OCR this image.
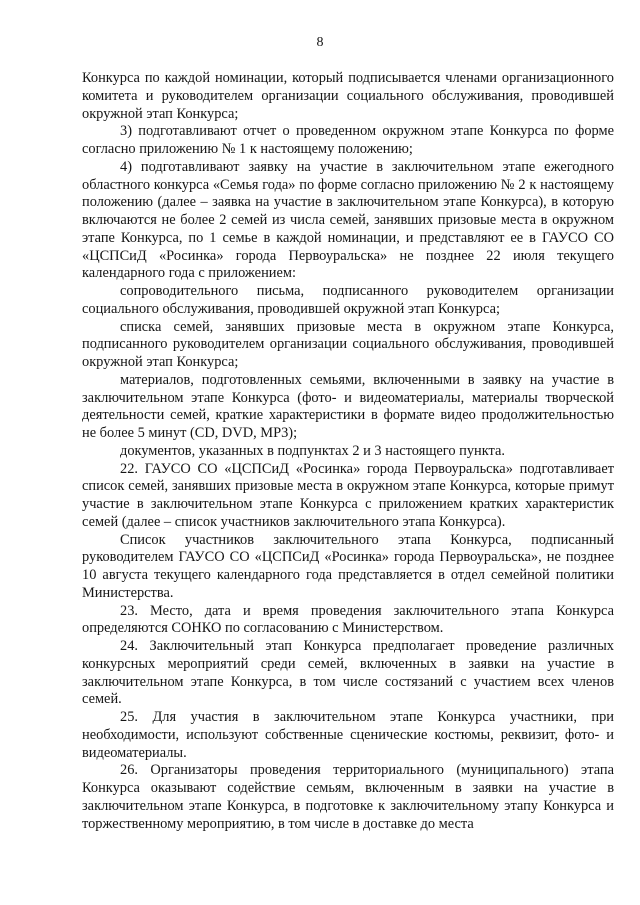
8

Конкурса по каждой номинации, который подписывается членами организационного комитета и руководителем организации социального обслуживания, проводившей окружной этап Конкурса;

3) подготавливают отчет о проведенном окружном этапе Конкурса по форме согласно приложению № 1 к настоящему положению;

4) подготавливают заявку на участие в заключительном этапе ежегодного областного конкурса «Семья года» по форме согласно приложению № 2 к настоящему положению (далее – заявка на участие в заключительном этапе Конкурса), в которую включаются не более 2 семей из числа семей, занявших призовые места в окружном этапе Конкурса, по 1 семье в каждой номинации, и представляют ее в ГАУСО СО «ЦСПСиД «Росинка» города Первоуральска» не позднее 22 июля текущего календарного года с приложением:

сопроводительного письма, подписанного руководителем организации социального обслуживания, проводившей окружной этап Конкурса;

списка семей, занявших призовые места в окружном этапе Конкурса, подписанного руководителем организации социального обслуживания, проводившей окружной этап Конкурса;

материалов, подготовленных семьями, включенными в заявку на участие в заключительном этапе Конкурса (фото- и видеоматериалы, материалы творческой деятельности семей, краткие характеристики в формате видео продолжительностью не более 5 минут (CD, DVD, MP3);

документов, указанных в подпунктах 2 и 3 настоящего пункта.

22. ГАУСО СО «ЦСПСиД «Росинка» города Первоуральска» подготавливает список семей, занявших призовые места в окружном этапе Конкурса, которые примут участие в заключительном этапе Конкурса с приложением кратких характеристик семей (далее – список участников заключительного этапа Конкурса).

Список участников заключительного этапа Конкурса, подписанный руководителем ГАУСО СО «ЦСПСиД «Росинка» города Первоуральска», не позднее 10 августа текущего календарного года представляется в отдел семейной политики Министерства.

23. Место, дата и время проведения заключительного этапа Конкурса определяются СОНКО по согласованию с Министерством.

24. Заключительный этап Конкурса предполагает проведение различных конкурсных мероприятий среди семей, включенных в заявки на участие в заключительном этапе Конкурса, в том числе состязаний с участием всех членов семей.

25. Для участия в заключительном этапе Конкурса участники, при необходимости, используют собственные сценические костюмы, реквизит, фото- и видеоматериалы.

26. Организаторы проведения территориального (муниципального) этапа Конкурса оказывают содействие семьям, включенным в заявки на участие в заключительном этапе Конкурса, в подготовке к заключительному этапу Конкурса и торжественному мероприятию, в том числе в доставке до места
